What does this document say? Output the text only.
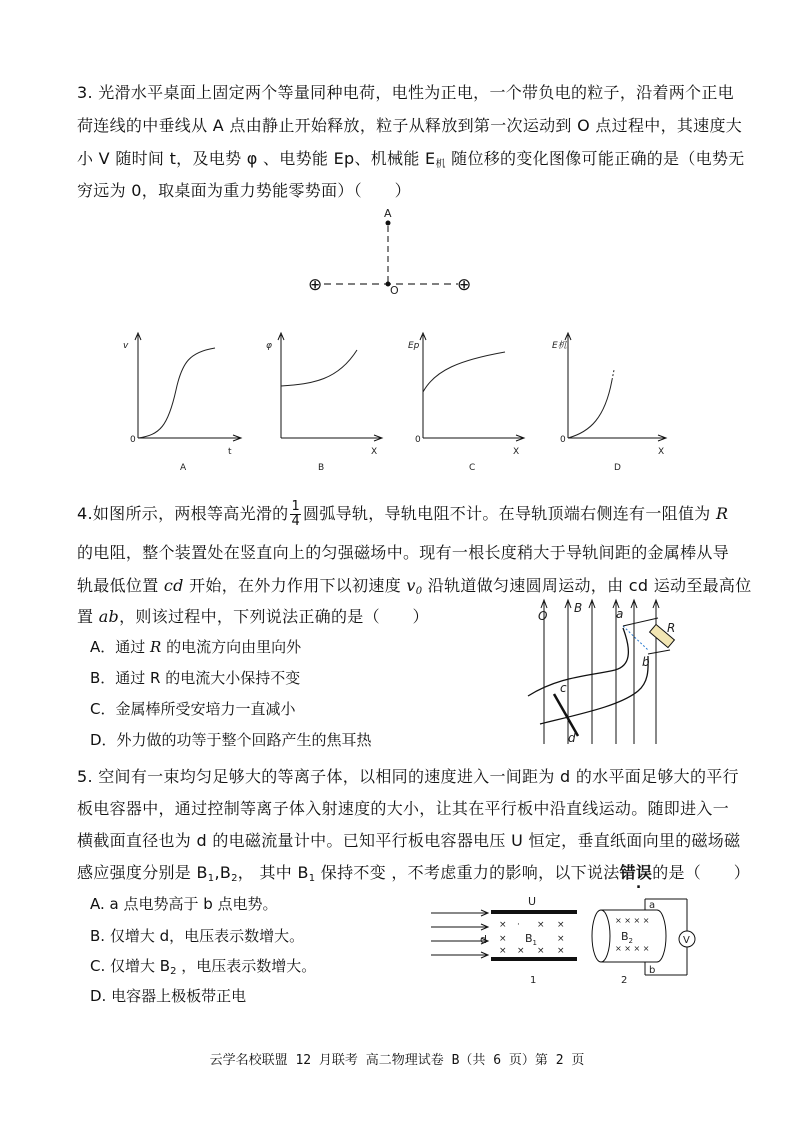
3. 光滑水平桌面上固定两个等量同种电荷，电性为正电，一个带负电的粒子，沿着两个正电
荷连线的中垂线从 A 点由静止开始释放，粒子从释放到第一次运动到 O 点过程中，其速度大
小 V 随时间 t，及电势 φ 、电势能 Ep、机械能 $E_机$ 随位移的变化图像可能正确的是（电势无
穷远为 0，取桌面为重力势能零势面）（　　）
A
O
⊕	⊕
v
0
t
A
φ
X
B
Ep
0
X
C
E机
0
X
D
4.如图所示，两根等高光滑的 $\frac{1}{4}$ 圆弧导轨，导轨电阻不计。在导轨顶端右侧连有一阻值为 R
的电阻，整个装置处在竖直向上的匀强磁场中。现有一根长度稍大于导轨间距的金属棒从导
轨最低位置 cd 开始，在外力作用下以初速度 $v_0$ 沿轨道做匀速圆周运动，由 cd 运动至最高位
置 ab，则该过程中，下列说法正确的是（　　）
A．通过 R 的电流方向由里向外
B．通过 R 的电流大小保持不变
C．金属棒所受安培力一直减小
D．外力做的功等于整个回路产生的焦耳热
O
B	a
R
b
c
d
5. 空间有一束均匀足够大的等离子体，以相同的速度进入一间距为 d 的水平面足够大的平行
板电容器中，通过控制等离子体入射速度的大小，让其在平行板中沿直线运动。随即进入一
横截面直径也为 d 的电磁流量计中。已知平行板电容器电压 U 恒定，垂直纸面向里的磁场磁
感应强度分别是 $B_1,B_2$， 其中 $B_1$ 保持不变 ，不考虑重力的影响，以下说法错误的是（　　）
A. a 点电势高于 b 点电势。
B. 仅增大 d，电压表示数增大。
C. 仅增大 $B_2$ ，电压表示数增大。
D. 电容器上极板带正电
U
d
× · × ×
×	×
× × × ×
$B_1$
1
× × × ×
× × × ×
$B_2$	V
a
b
2
云学名校联盟 12 月联考 高二物理试卷 B（共 6 页）第 2 页
